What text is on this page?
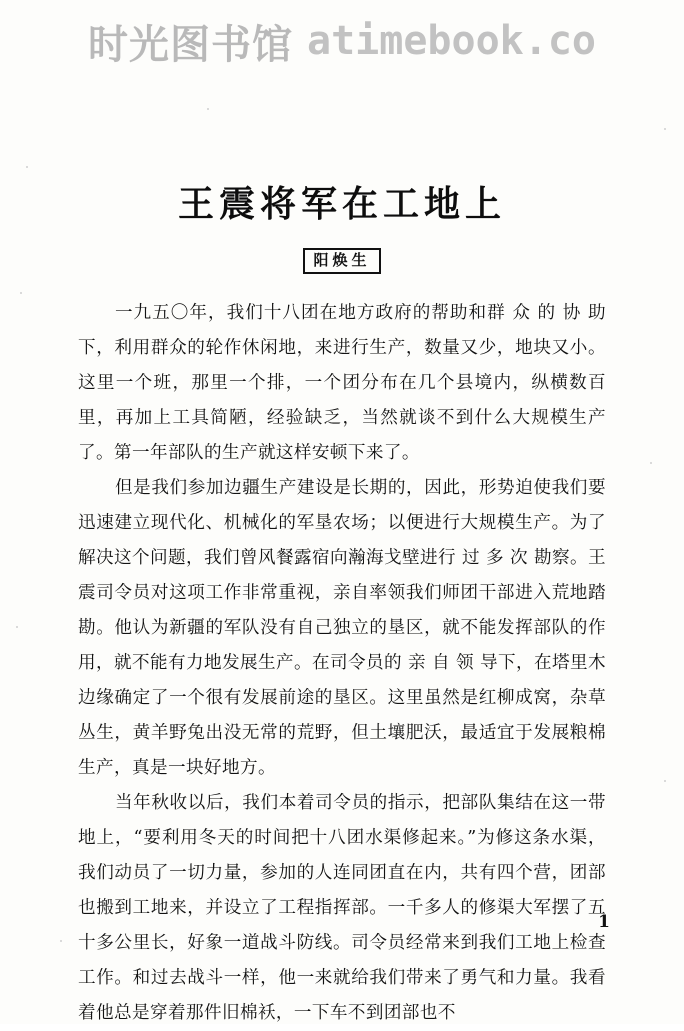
时光图书馆 atimebook.co
王震将军在工地上
阳焕生

一九五〇年，我们十八团在地方政府的帮助和群 众 的 协 助下，利用群众的轮作休闲地，来进行生产，数量又少，地块又小。这里一个班，那里一个排，一个团分布在几个县境内，纵横数百里，再加上工具简陋，经验缺乏，当然就谈不到什么大规模生产了。第一年部队的生产就这样安顿下来了。

但是我们参加边疆生产建设是长期的，因此，形势迫使我们要迅速建立现代化、机械化的军垦农场；以便进行大规模生产。为了解决这个问题，我们曾风餐露宿向瀚海戈壁进行 过 多 次 勘察。王震司令员对这项工作非常重视，亲自率领我们师团干部进入荒地踏勘。他认为新疆的军队没有自己独立的垦区，就不能发挥部队的作用，就不能有力地发展生产。在司令员的 亲 自 领 导下，在塔里木边缘确定了一个很有发展前途的垦区。这里虽然是红柳成窝，杂草丛生，黄羊野兔出没无常的荒野，但土壤肥沃，最适宜于发展粮棉生产，真是一块好地方。

当年秋收以后，我们本着司令员的指示，把部队集结在这一带地上，“要利用冬天的时间把十八团水渠修起来。”为修这条水渠，我们动员了一切力量，参加的人连同团直在内，共有四个营，团部也搬到工地来，并设立了工程指挥部。一千多人的修渠大军摆了五十多公里长，好象一道战斗防线。司令员经常来到我们工地上检查工作。和过去战斗一样，他一来就给我们带来了勇气和力量。我看着他总是穿着那件旧棉袄，一下车不到团部也不

1
